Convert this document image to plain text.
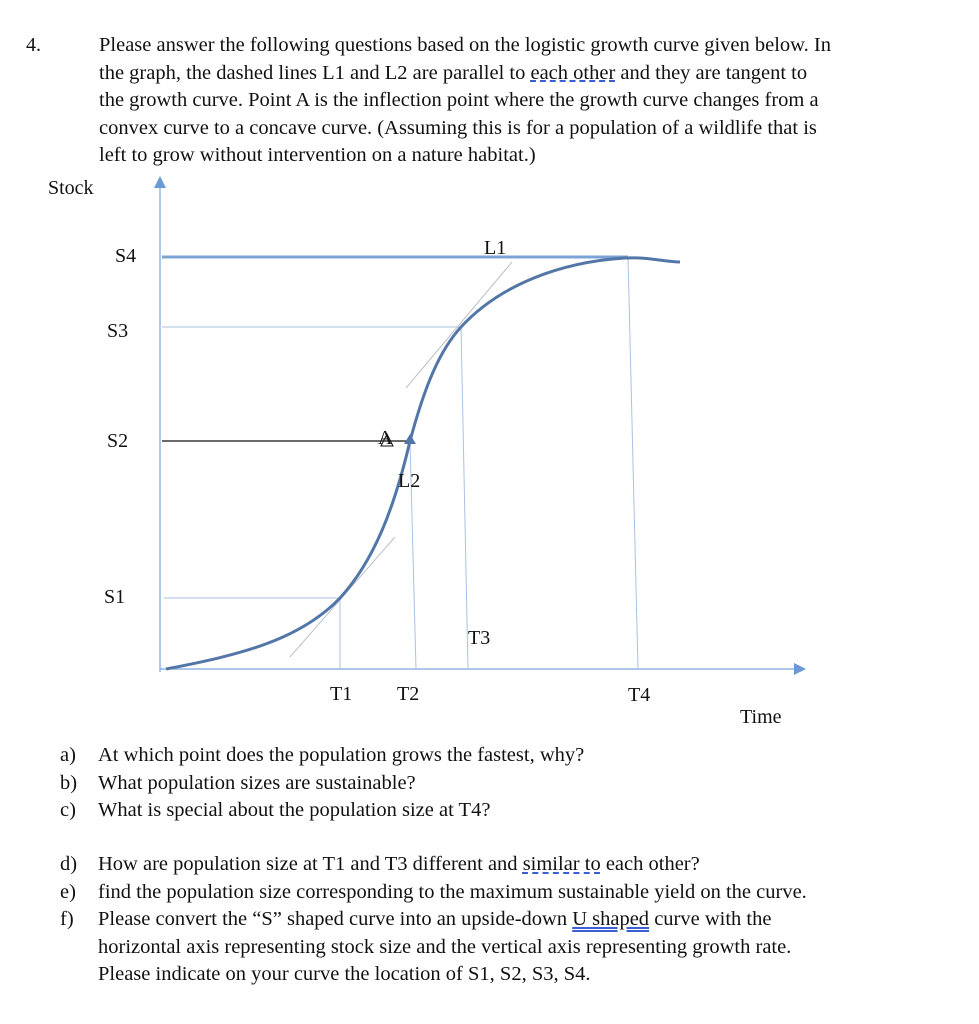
4.	Please answer the following questions based on the logistic growth curve given below. In
the graph, the dashed lines L1 and L2 are parallel to each other and they are tangent to
the growth curve. Point A is the inflection point where the growth curve changes from a
convex curve to a concave curve. (Assuming this is for a population of a wildlife that is
left to grow without intervention on a nature habitat.)
Stock
S4
S3
S2
S1
T1 T2
T3
T4
Time
L1
L2
A
a) At which point does the population grows the fastest, why?
b) What population sizes are sustainable?
c) What is special about the population size at T4?
d) How are population size at T1 and T3 different and similar to each other?
e) find the population size corresponding to the maximum sustainable yield on the curve.
f) Please convert the “S” shaped curve into an upside-down U shaped curve with the
horizontal axis representing stock size and the vertical axis representing growth rate.
Please indicate on your curve the location of S1, S2, S3, S4.
